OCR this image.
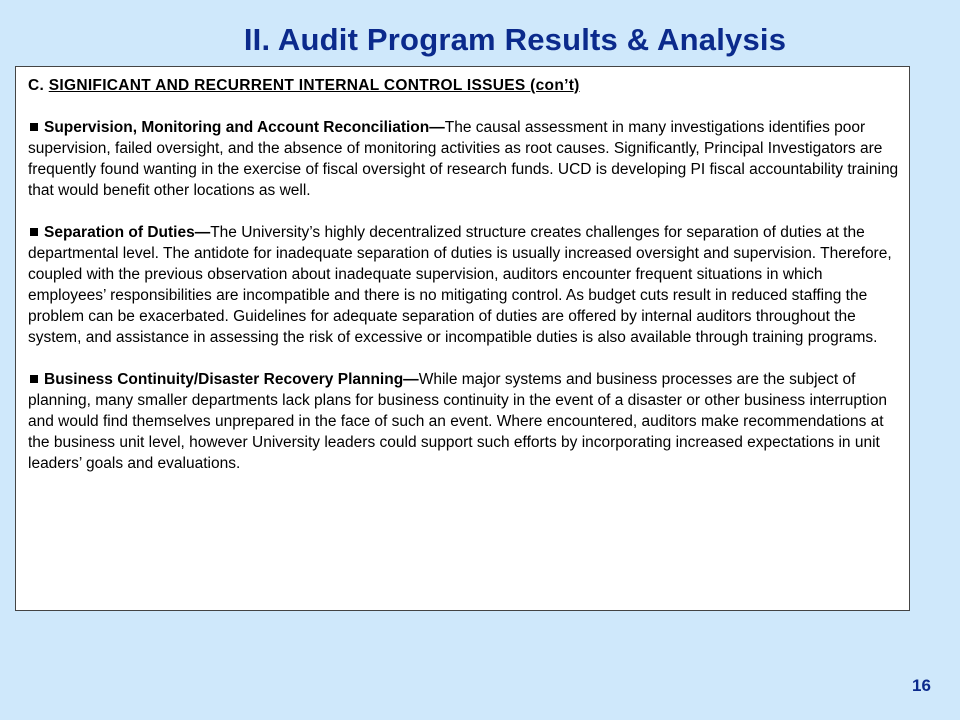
II. Audit Program Results & Analysis
C. SIGNIFICANT AND RECURRENT INTERNAL CONTROL ISSUES (con’t)
Supervision, Monitoring and Account Reconciliation—The causal assessment in many investigations identifies poor supervision, failed oversight, and the absence of monitoring activities as root causes. Significantly, Principal Investigators are frequently found wanting in the exercise of fiscal oversight of research funds. UCD is developing PI fiscal accountability training that would benefit other locations as well.
Separation of Duties—The University’s highly decentralized structure creates challenges for separation of duties at the departmental level. The antidote for inadequate separation of duties is usually increased oversight and supervision. Therefore, coupled with the previous observation about inadequate supervision, auditors encounter frequent situations in which employees’ responsibilities are incompatible and there is no mitigating control. As budget cuts result in reduced staffing the problem can be exacerbated. Guidelines for adequate separation of duties are offered by internal auditors throughout the system, and assistance in assessing the risk of excessive or incompatible duties is also available through training programs.
Business Continuity/Disaster Recovery Planning—While major systems and business processes are the subject of planning, many smaller departments lack plans for business continuity in the event of a disaster or other business interruption and would find themselves unprepared in the face of such an event. Where encountered, auditors make recommendations at the business unit level, however University leaders could support such efforts by incorporating increased expectations in unit leaders’ goals and evaluations.
16
